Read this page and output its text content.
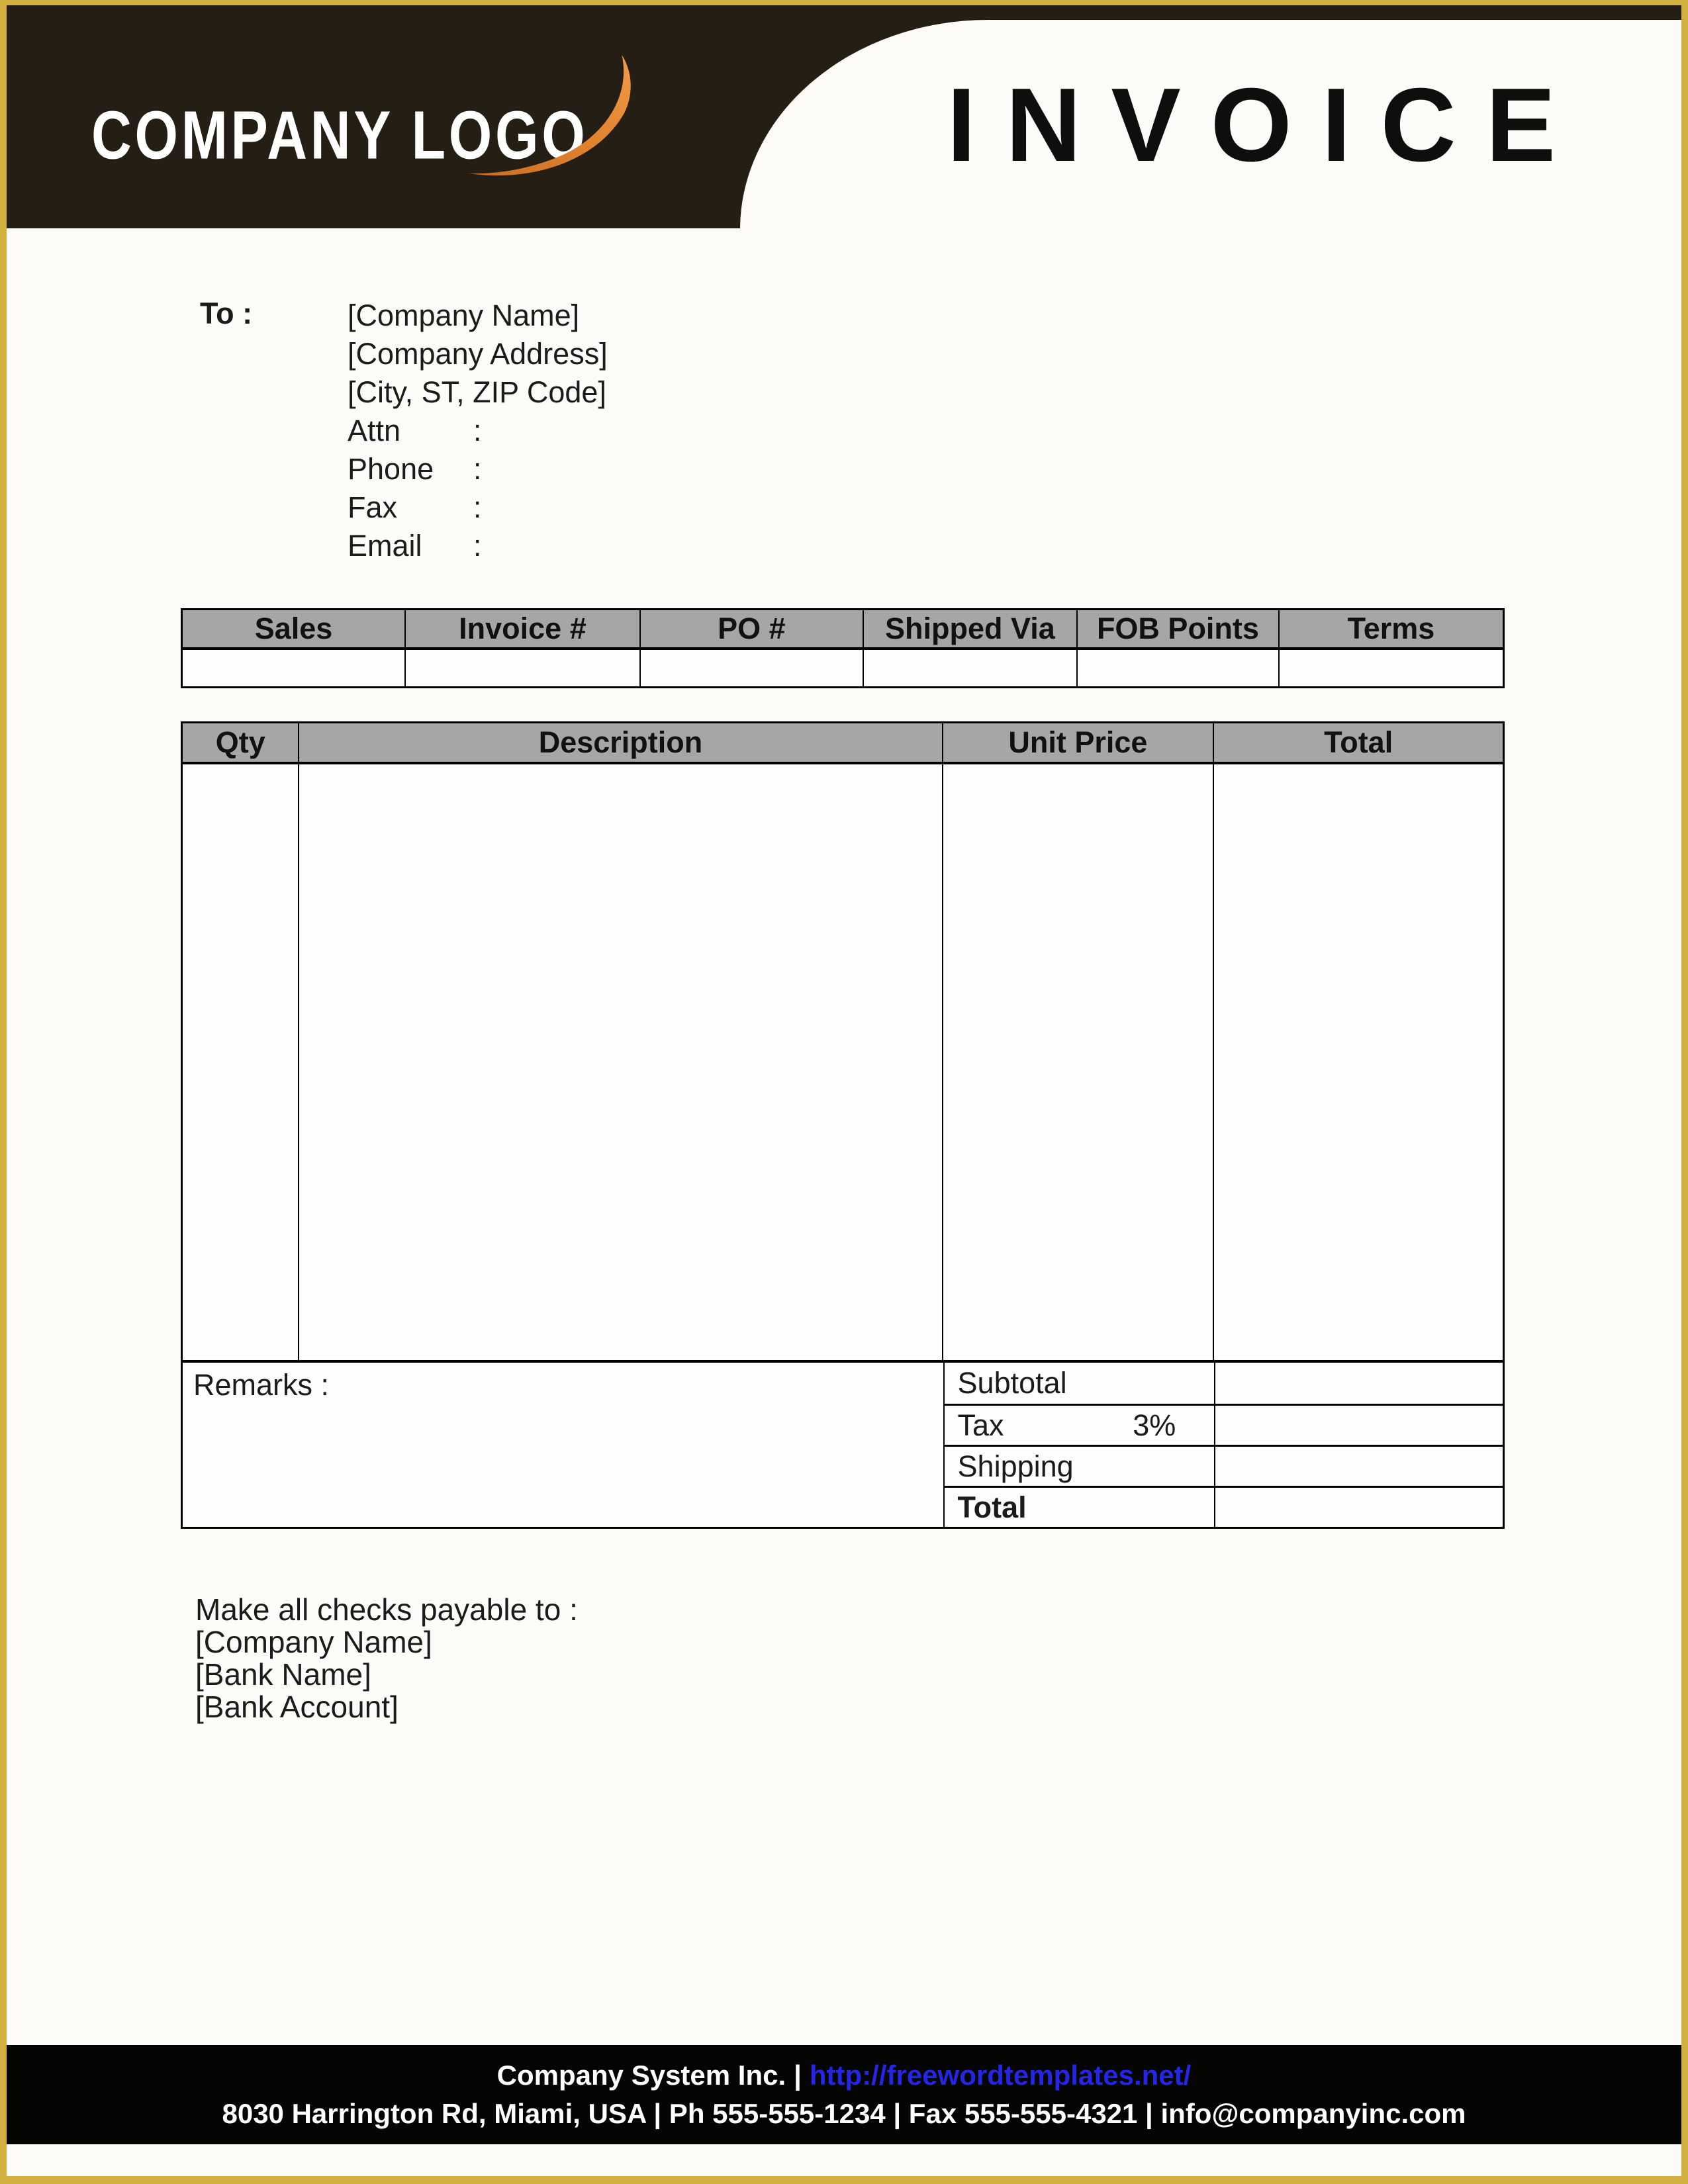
INVOICE
COMPANY LOGO
To :	[Company Name]
[Company Address]
[City, ST, ZIP Code]
Attn	:
Phone	:
Fax	:
Email	:
Sales	Invoice #	PO #	Shipped Via	FOB Points	Terms
Qty	Description	Unit Price	Total
Remarks :	Subtotal
Tax	3%
Shipping
Total
Make all checks payable to :
[Company Name]
[Bank Name]
[Bank Account]
Company System Inc. | http://freewordtemplates.net/
8030 Harrington Rd, Miami, USA | Ph 555-555-1234 | Fax 555-555-4321 | info@companyinc.com
